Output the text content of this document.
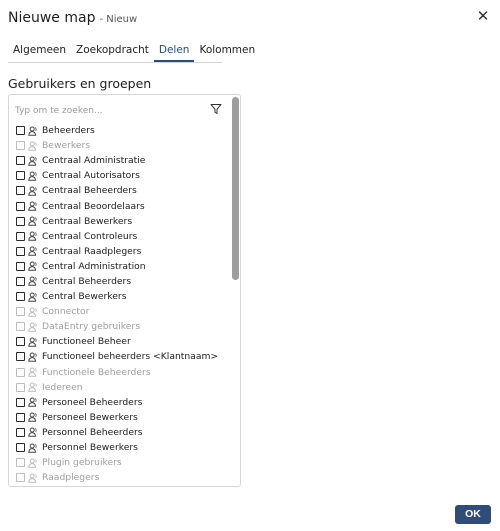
Nieuwe map - Nieuw	✕
Algemeen Zoekopdracht Delen Kolommen
Gebruikers en groepen
Typ om te zoeken...
Beheerders
Bewerkers
Centraal Administratie
Centraal Autorisators
Centraal Beheerders
Centraal Beoordelaars
Centraal Bewerkers
Centraal Controleurs
Centraal Raadplegers
Central Administration
Central Beheerders
Central Bewerkers
Connector
DataEntry gebruikers
Functioneel Beheer
Functioneel beheerders <Klantnaam>
Functionele Beheerders
Iedereen
Personeel Beheerders
Personeel Bewerkers
Personnel Beheerders
Personnel Bewerkers
Plugin gebruikers
Raadplegers
OK
